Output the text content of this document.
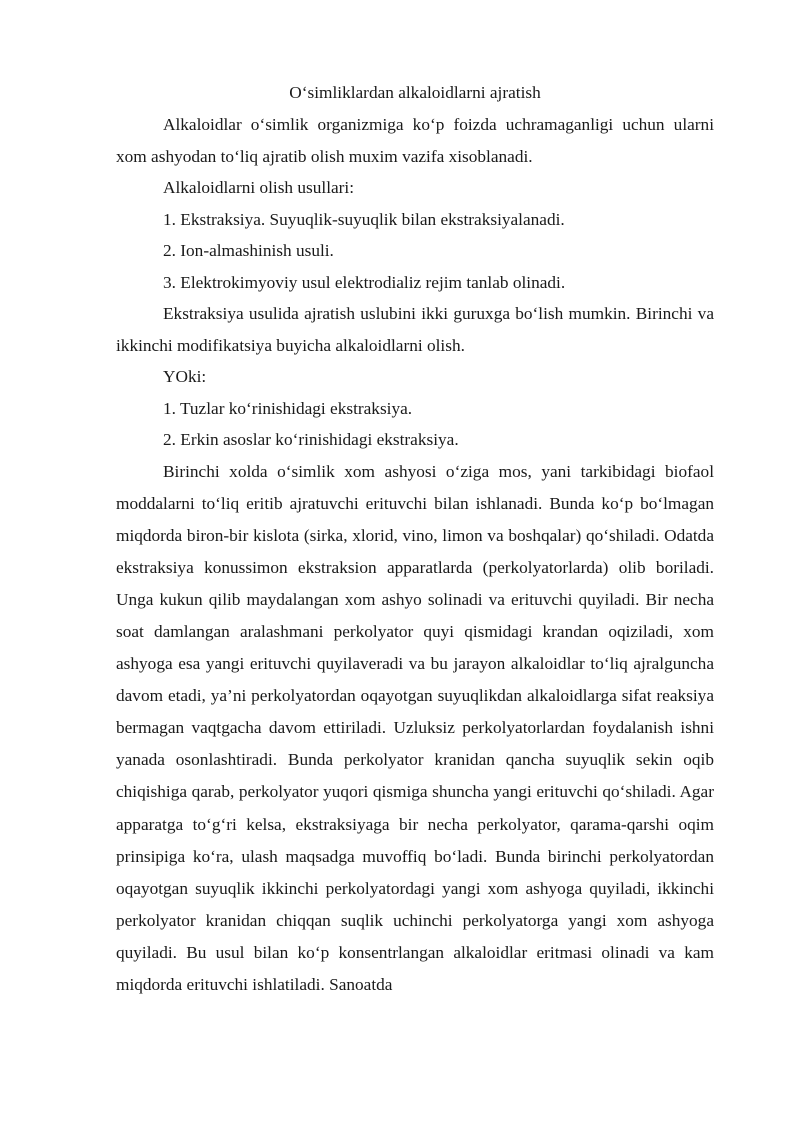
O‘simliklardan alkaloidlarni ajratish

Alkaloidlar o‘simlik organizmiga ko‘p foizda uchramaganligi uchun ularni xom ashyodan to‘liq ajratib olish muxim vazifa xisoblanadi.

Alkaloidlarni olish usullari:

1. Ekstraksiya. Suyuqlik-suyuqlik bilan ekstraksiyalanadi.

2. Ion-almashinish usuli.

3. Elektrokimyoviy usul elektrodializ rejim tanlab olinadi.

Ekstraksiya usulida ajratish uslubini ikki guruxga bo‘lish mumkin. Birinchi va ikkinchi modifikatsiya buyicha alkaloidlarni olish.

YOki:

1. Tuzlar ko‘rinishidagi ekstraksiya.

2. Erkin asoslar ko‘rinishidagi ekstraksiya.

Birinchi xolda o‘simlik xom ashyosi o‘ziga mos, yani tarkibidagi biofaol moddalarni to‘liq eritib ajratuvchi erituvchi bilan ishlanadi. Bunda ko‘p bo‘lmagan miqdorda biron-bir kislota (sirka, xlorid, vino, limon va boshqalar) qo‘shiladi. Odatda ekstraksiya konussimon ekstraksion apparatlarda (perkolyatorlarda) olib boriladi. Unga kukun qilib maydalangan xom ashyo solinadi va erituvchi quyiladi. Bir necha soat damlangan aralashmani perkolyator quyi qismidagi krandan oqiziladi, xom ashyoga esa yangi erituvchi quyilaveradi va bu jarayon alkaloidlar to‘liq ajralguncha davom etadi, ya’ni perkolyatordan oqayotgan suyuqlikdan alkaloidlarga sifat reaksiya bermagan vaqtgacha davom ettiriladi. Uzluksiz perkolyatorlardan foydalanish ishni yanada osonlashtiradi. Bunda perkolyator kranidan qancha suyuqlik sekin oqib chiqishiga qarab, perkolyator yuqori qismiga shuncha yangi erituvchi qo‘shiladi. Agar apparatga to‘g‘ri kelsa, ekstraksiyaga bir necha perkolyator, qarama-qarshi oqim prinsipiga ko‘ra, ulash maqsadga muvoffiq bo‘ladi. Bunda birinchi perkolyatordan oqayotgan suyuqlik ikkinchi perkolyatordagi yangi xom ashyoga quyiladi, ikkinchi perkolyator kranidan chiqqan suqlik uchinchi perkolyatorga yangi xom ashyoga quyiladi. Bu usul bilan ko‘p konsentrlangan alkaloidlar eritmasi olinadi va kam miqdorda erituvchi ishlatiladi. Sanoatda
